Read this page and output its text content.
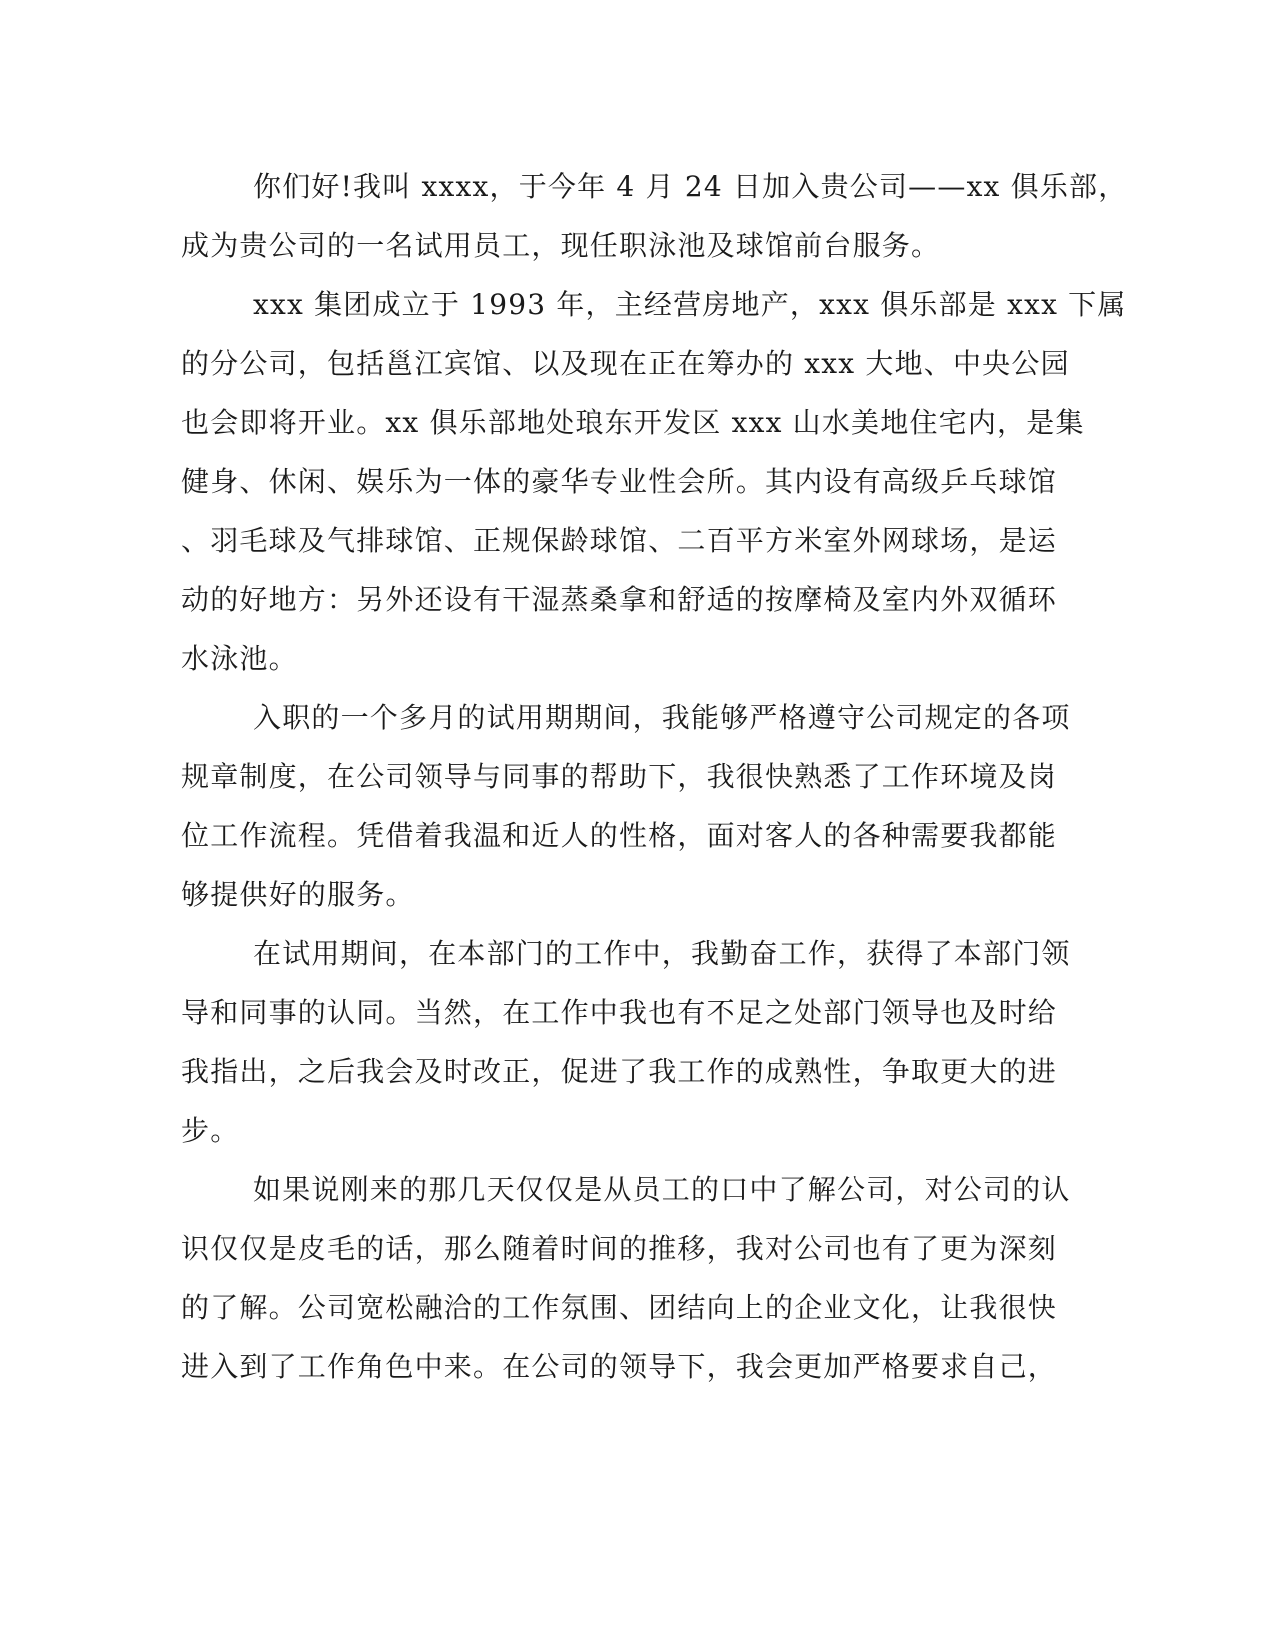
你们好!我叫 xxxx，于今年 4 月 24 日加入贵公司——xx 俱乐部，
成为贵公司的一名试用员工，现任职泳池及球馆前台服务。
xxx 集团成立于 1993 年，主经营房地产，xxx 俱乐部是 xxx 下属
的分公司，包括邕江宾馆、以及现在正在筹办的 xxx 大地、中央公园
也会即将开业。xx 俱乐部地处琅东开发区 xxx 山水美地住宅内，是集
健身、休闲、娱乐为一体的豪华专业性会所。其内设有高级乒乓球馆
、羽毛球及气排球馆、正规保龄球馆、二百平方米室外网球场，是运
动的好地方：另外还设有干湿蒸桑拿和舒适的按摩椅及室内外双循环
水泳池。
入职的一个多月的试用期期间，我能够严格遵守公司规定的各项
规章制度，在公司领导与同事的帮助下，我很快熟悉了工作环境及岗
位工作流程。凭借着我温和近人的性格，面对客人的各种需要我都能
够提供好的服务。
在试用期间，在本部门的工作中，我勤奋工作，获得了本部门领
导和同事的认同。当然，在工作中我也有不足之处部门领导也及时给
我指出，之后我会及时改正，促进了我工作的成熟性，争取更大的进
步。
如果说刚来的那几天仅仅是从员工的口中了解公司，对公司的认
识仅仅是皮毛的话，那么随着时间的推移，我对公司也有了更为深刻
的了解。公司宽松融洽的工作氛围、团结向上的企业文化，让我很快
进入到了工作角色中来。在公司的领导下，我会更加严格要求自己，
